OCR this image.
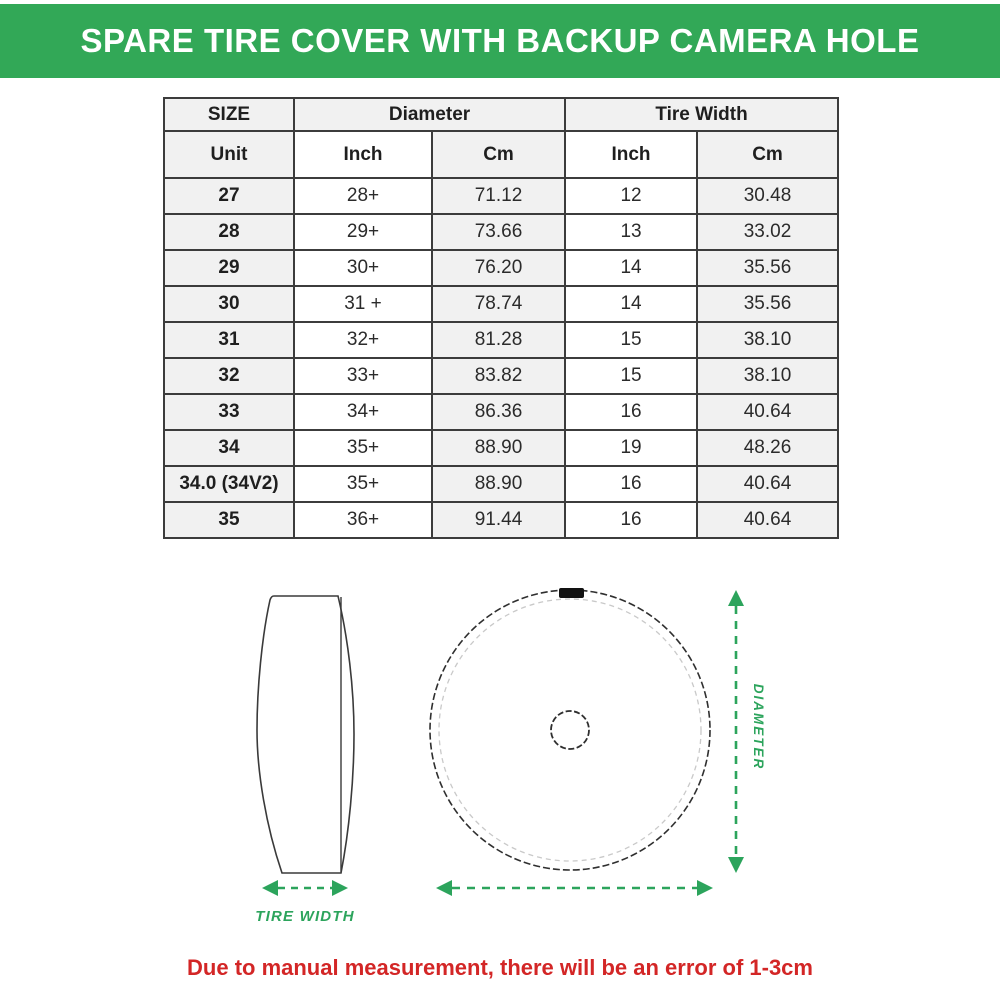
SPARE TIRE COVER WITH BACKUP CAMERA HOLE
SIZE	Diameter		Tire Width	
Unit	Inch	Cm	Inch	Cm
27	28+	71.12	12	30.48
28	29+	73.66	13	33.02
29	30+	76.20	14	35.56
30	31 +	78.74	14	35.56
31	32+	81.28	15	38.10
32	33+	83.82	15	38.10
33	34+	86.36	16	40.64
34	35+	88.90	19	48.26
34.0 (34V2)	35+	88.90	16	40.64
35	36+	91.44	16	40.64
DIAMETER
TIRE WIDTH
Due to manual measurement, there will be an error of 1-3cm
